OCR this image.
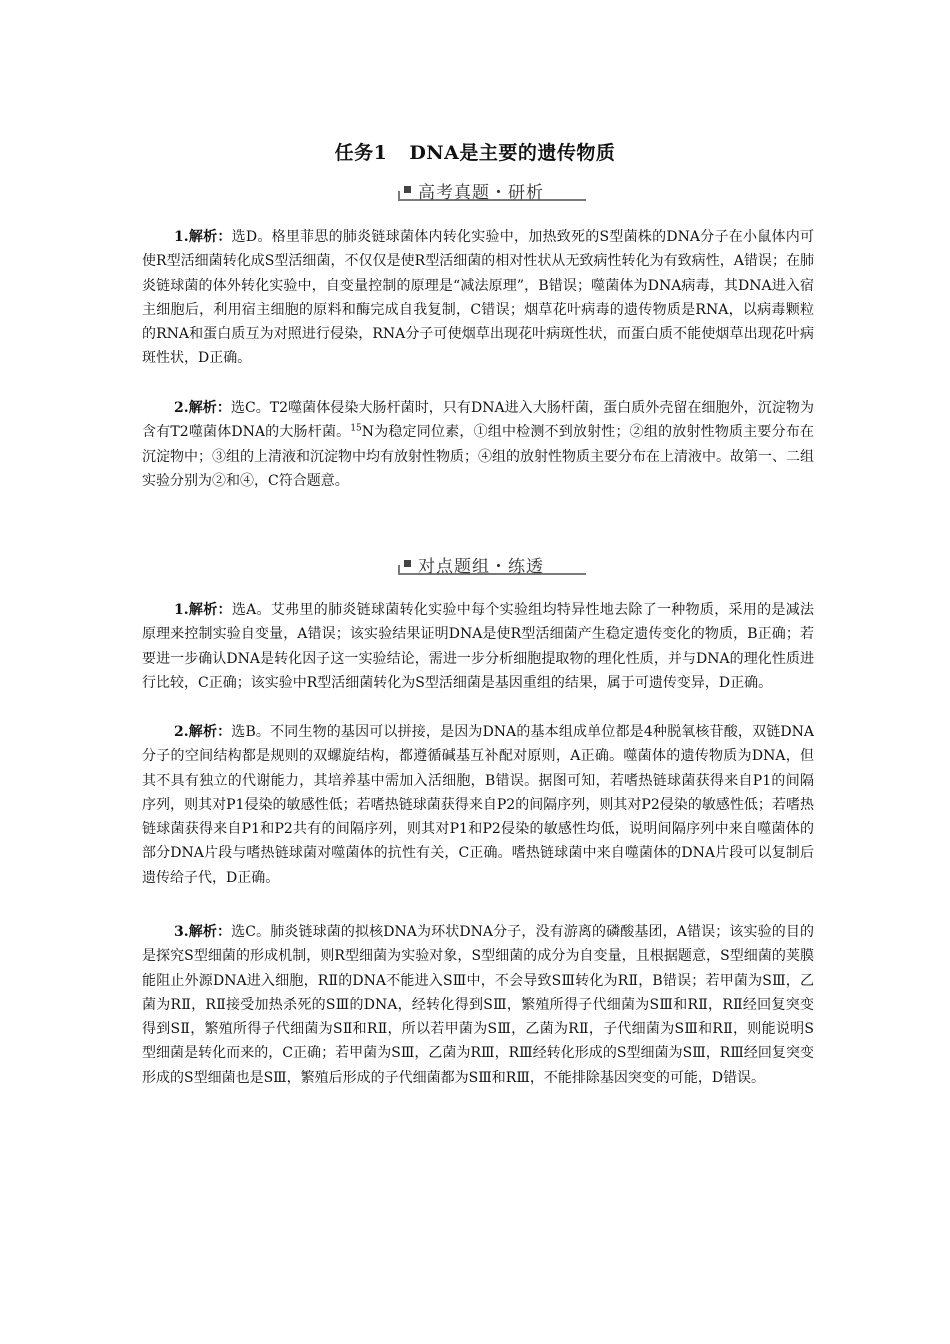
任务1 DNA是主要的遗传物质
高考真题・研析

1.解析：选D。格里菲思的肺炎链球菌体内转化实验中，加热致死的S型菌株的DNA分子在小鼠体内可使R型活细菌转化成S型活细菌，不仅仅是使R型活细菌的相对性状从无致病性转化为有致病性，A错误；在肺炎链球菌的体外转化实验中，自变量控制的原理是“减法原理”，B错误；噬菌体为DNA病毒，其DNA进入宿主细胞后，利用宿主细胞的原料和酶完成自我复制，C错误；烟草花叶病毒的遗传物质是RNA，以病毒颗粒的RNA和蛋白质互为对照进行侵染，RNA分子可使烟草出现花叶病斑性状，而蛋白质不能使烟草出现花叶病斑性状，D正确。

2.解析：选C。T2噬菌体侵染大肠杆菌时，只有DNA进入大肠杆菌，蛋白质外壳留在细胞外，沉淀物为含有T2噬菌体DNA的大肠杆菌。$^{15}$N为稳定同位素，①组中检测不到放射性；②组的放射性物质主要分布在沉淀物中；③组的上清液和沉淀物中均有放射性物质；④组的放射性物质主要分布在上清液中。故第一、二组实验分别为②和④，C符合题意。

对点题组・练透

1.解析：选A。艾弗里的肺炎链球菌转化实验中每个实验组均特异性地去除了一种物质，采用的是减法原理来控制实验自变量，A错误；该实验结果证明DNA是使R型活细菌产生稳定遗传变化的物质，B正确；若要进一步确认DNA是转化因子这一实验结论，需进一步分析细胞提取物的理化性质，并与DNA的理化性质进行比较，C正确；该实验中R型活细菌转化为S型活细菌是基因重组的结果，属于可遗传变异，D正确。

2.解析：选B。不同生物的基因可以拼接，是因为DNA的基本组成单位都是4种脱氧核苷酸，双链DNA分子的空间结构都是规则的双螺旋结构，都遵循碱基互补配对原则，A正确。噬菌体的遗传物质为DNA，但其不具有独立的代谢能力，其培养基中需加入活细胞，B错误。据图可知，若嗜热链球菌获得来自P1的间隔序列，则其对P1侵染的敏感性低；若嗜热链球菌获得来自P2的间隔序列，则其对P2侵染的敏感性低；若嗜热链球菌获得来自P1和P2共有的间隔序列，则其对P1和P2侵染的敏感性均低，说明间隔序列中来自噬菌体的部分DNA片段与嗜热链球菌对噬菌体的抗性有关，C正确。嗜热链球菌中来自噬菌体的DNA片段可以复制后遗传给子代，D正确。

3.解析：选C。肺炎链球菌的拟核DNA为环状DNA分子，没有游离的磷酸基团，A错误；该实验的目的是探究S型细菌的形成机制，则R型细菌为实验对象，S型细菌的成分为自变量，且根据题意，S型细菌的荚膜能阻止外源DNA进入细胞，RⅡ的DNA不能进入SⅢ中，不会导致SⅢ转化为RⅡ，B错误；若甲菌为SⅢ，乙菌为RⅡ，RⅡ接受加热杀死的SⅢ的DNA，经转化得到SⅢ，繁殖所得子代细菌为SⅢ和RⅡ，RⅡ经回复突变得到SⅡ，繁殖所得子代细菌为SⅡ和RⅡ，所以若甲菌为SⅢ，乙菌为RⅡ，子代细菌为SⅢ和RⅡ，则能说明S型细菌是转化而来的，C正确；若甲菌为SⅢ，乙菌为RⅢ，RⅢ经转化形成的S型细菌为SⅢ，RⅢ经回复突变形成的S型细菌也是SⅢ，繁殖后形成的子代细菌都为SⅢ和RⅢ，不能排除基因突变的可能，D错误。
